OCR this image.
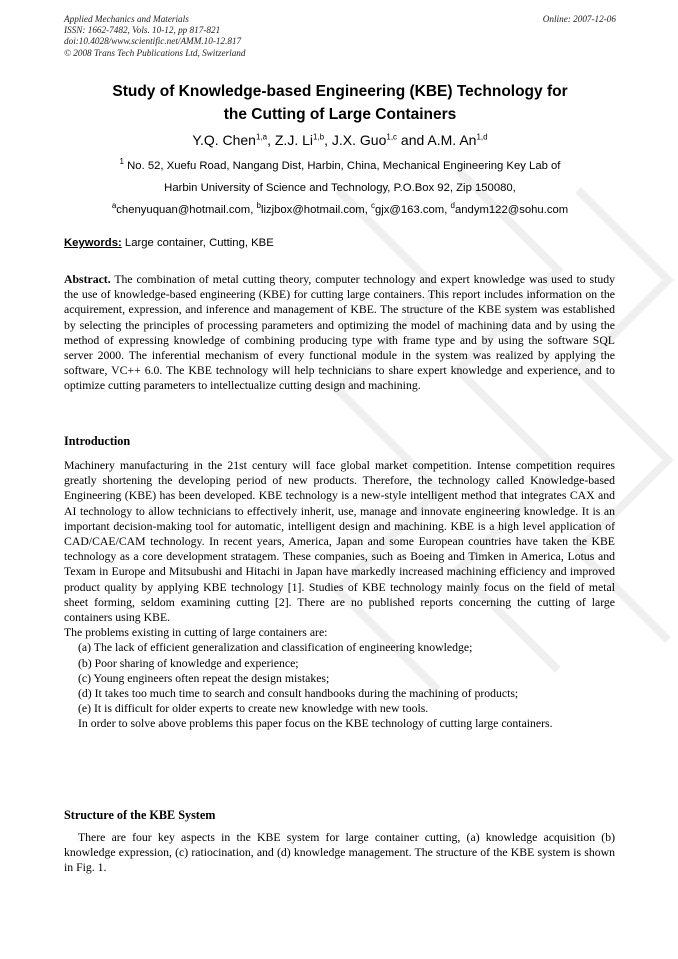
Applied Mechanics and Materials
ISSN: 1662-7482, Vols. 10-12, pp 817-821
doi:10.4028/www.scientific.net/AMM.10-12.817
© 2008 Trans Tech Publications Ltd, Switzerland
Online: 2007-12-06
Study of Knowledge-based Engineering (KBE) Technology for
the Cutting of Large Containers
Y.Q. Chen$^{1,a}$, Z.J. Li$^{1,b}$, J.X. Guo$^{1,c}$ and A.M. An$^{1,d}$
$^1$ No. 52, Xuefu Road, Nangang Dist, Harbin, China, Mechanical Engineering Key Lab of
Harbin University of Science and Technology, P.O.Box 92, Zip 150080,
$^a$chenyuquan@hotmail.com, $^b$lizjbox@hotmail.com, $^c$gjx@163.com, $^d$andym122@sohu.com
Keywords: Large container, Cutting, KBE
Abstract. The combination of metal cutting theory, computer technology and expert knowledge was used to study the use of knowledge-based engineering (KBE) for cutting large containers. This report includes information on the acquirement, expression, and inference and management of KBE. The structure of the KBE system was established by selecting the principles of processing parameters and optimizing the model of machining data and by using the method of expressing knowledge of combining producing type with frame type and by using the software SQL server 2000. The inferential mechanism of every functional module in the system was realized by applying the software, VC++ 6.0. The KBE technology will help technicians to share expert knowledge and experience, and to optimize cutting parameters to intellectualize cutting design and machining.
Introduction

Machinery manufacturing in the 21st century will face global market competition. Intense competition requires greatly shortening the developing period of new products. Therefore, the technology called Knowledge-based Engineering (KBE) has been developed. KBE technology is a new-style intelligent method that integrates CAX and AI technology to allow technicians to effectively inherit, use, manage and innovate engineering knowledge. It is an important decision-making tool for automatic, intelligent design and machining. KBE is a high level application of CAD/CAE/CAM technology. In recent years, America, Japan and some European countries have taken the KBE technology as a core development stratagem. These companies, such as Boeing and Timken in America, Lotus and Texam in Europe and Mitsubushi and Hitachi in Japan have markedly increased machining efficiency and improved product quality by applying KBE technology [1]. Studies of KBE technology mainly focus on the field of metal sheet forming, seldom examining cutting [2]. There are no published reports concerning the cutting of large containers using KBE.

The problems existing in cutting of large containers are:

(a) The lack of efficient generalization and classification of engineering knowledge;

(b) Poor sharing of knowledge and experience;

(c) Young engineers often repeat the design mistakes;

(d) It takes too much time to search and consult handbooks during the machining of products;

(e) It is difficult for older experts to create new knowledge with new tools.

In order to solve above problems this paper focus on the KBE technology of cutting large containers.

Structure of the KBE System
There are four key aspects in the KBE system for large container cutting, (a) knowledge acquisition (b) knowledge expression, (c) ratiocination, and (d) knowledge management. The structure of the KBE system is shown in Fig. 1.
